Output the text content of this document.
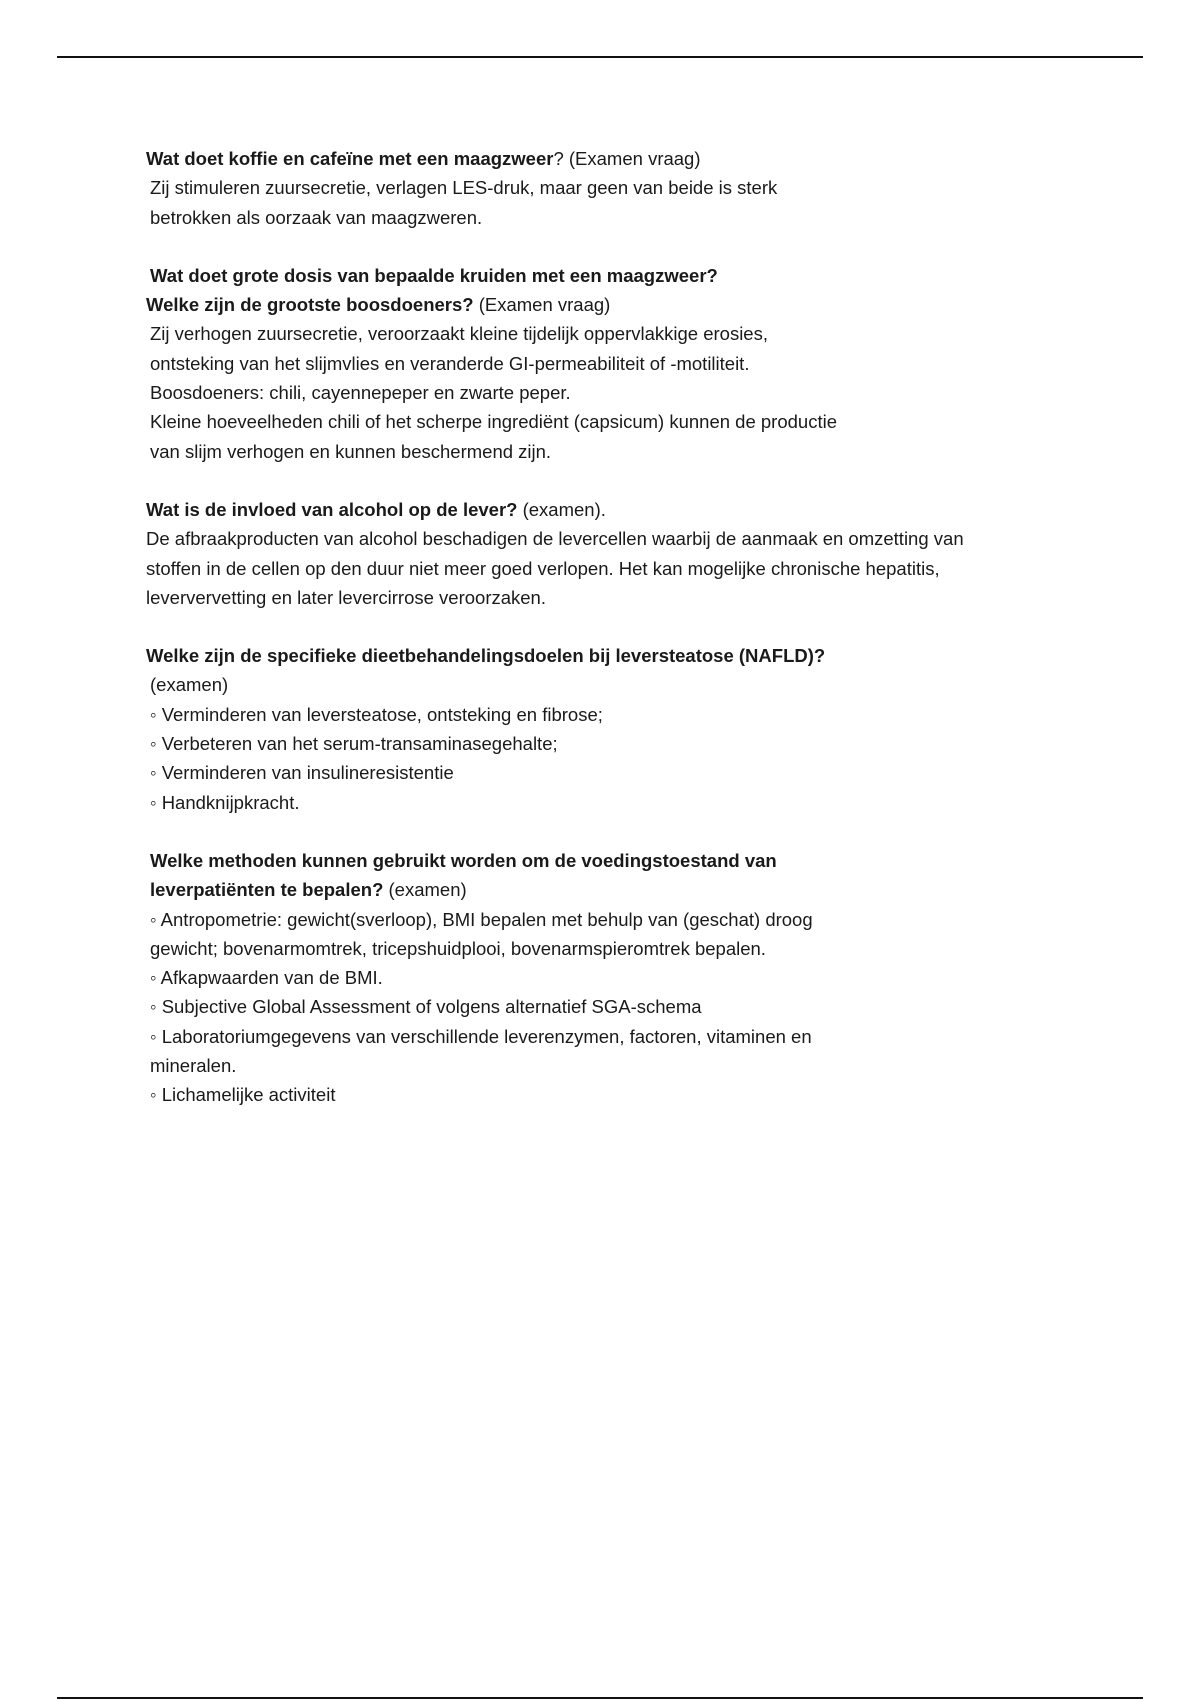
Wat doet koffie en cafeïne met een maagzweer? (Examen vraag)
Zij stimuleren zuursecretie, verlagen LES-druk, maar geen van beide is sterk
betrokken als oorzaak van maagzweren.
Wat doet grote dosis van bepaalde kruiden met een maagzweer?
Welke zijn de grootste boosdoeners? (Examen vraag)
Zij verhogen zuursecretie, veroorzaakt kleine tijdelijk oppervlakkige erosies,
ontsteking van het slijmvlies en veranderde GI-permeabiliteit of -motiliteit.
Boosdoeners: chili, cayennepeper en zwarte peper.
Kleine hoeveelheden chili of het scherpe ingrediënt (capsicum) kunnen de productie
van slijm verhogen en kunnen beschermend zijn.
Wat is de invloed van alcohol op de lever? (examen).
De afbraakproducten van alcohol beschadigen de levercellen waarbij de aanmaak en omzetting van
stoffen in de cellen op den duur niet meer goed verlopen. Het kan mogelijke chronische hepatitis,
leververvetting en later levercirrose veroorzaken.
Welke zijn de specifieke dieetbehandelingsdoelen bij leversteatose (NAFLD)?
(examen)
◦ Verminderen van leversteatose, ontsteking en fibrose;
◦ Verbeteren van het serum-transaminasegehalte;
◦ Verminderen van insulineresistentie
◦ Handknijpkracht.
Welke methoden kunnen gebruikt worden om de voedingstoestand van
leverpatiënten te bepalen? (examen)
◦ Antropometrie: gewicht(sverloop), BMI bepalen met behulp van (geschat) droog
gewicht; bovenarmomtrek, tricepshuidplooi, bovenarmspieromtrek bepalen.
◦ Afkapwaarden van de BMI.
◦ Subjective Global Assessment of volgens alternatief SGA-schema
◦ Laboratoriumgegevens van verschillende leverenzymen, factoren, vitaminen en
mineralen.
◦ Lichamelijke activiteit
